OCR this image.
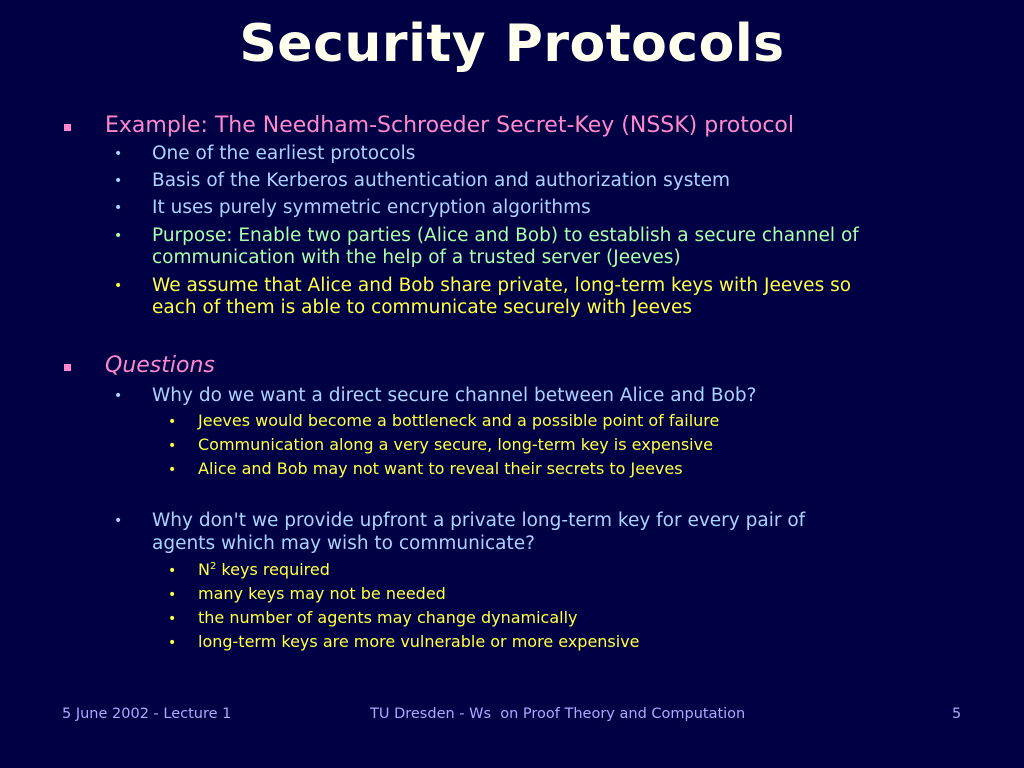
Security Protocols
Example: The Needham-Schroeder Secret-Key (NSSK) protocol
• One of the earliest protocols
• Basis of the Kerberos authentication and authorization system
• It uses purely symmetric encryption algorithms
• Purpose: Enable two parties (Alice and Bob) to establish a secure channel of
communication with the help of a trusted server (Jeeves)
• We assume that Alice and Bob share private, long-term keys with Jeeves so
each of them is able to communicate securely with Jeeves
Questions
• Why do we want a direct secure channel between Alice and Bob?
• Jeeves would become a bottleneck and a possible point of failure
• Communication along a very secure, long-term key is expensive
• Alice and Bob may not want to reveal their secrets to Jeeves
• Why don't we provide upfront a private long-term key for every pair of
agents which may wish to communicate?
• $N^2$ keys required
• many keys may not be needed
• the number of agents may change dynamically
• long-term keys are more vulnerable or more expensive
5 June 2002 - Lecture 1	TU Dresden - Ws  on Proof Theory and Computation	5
